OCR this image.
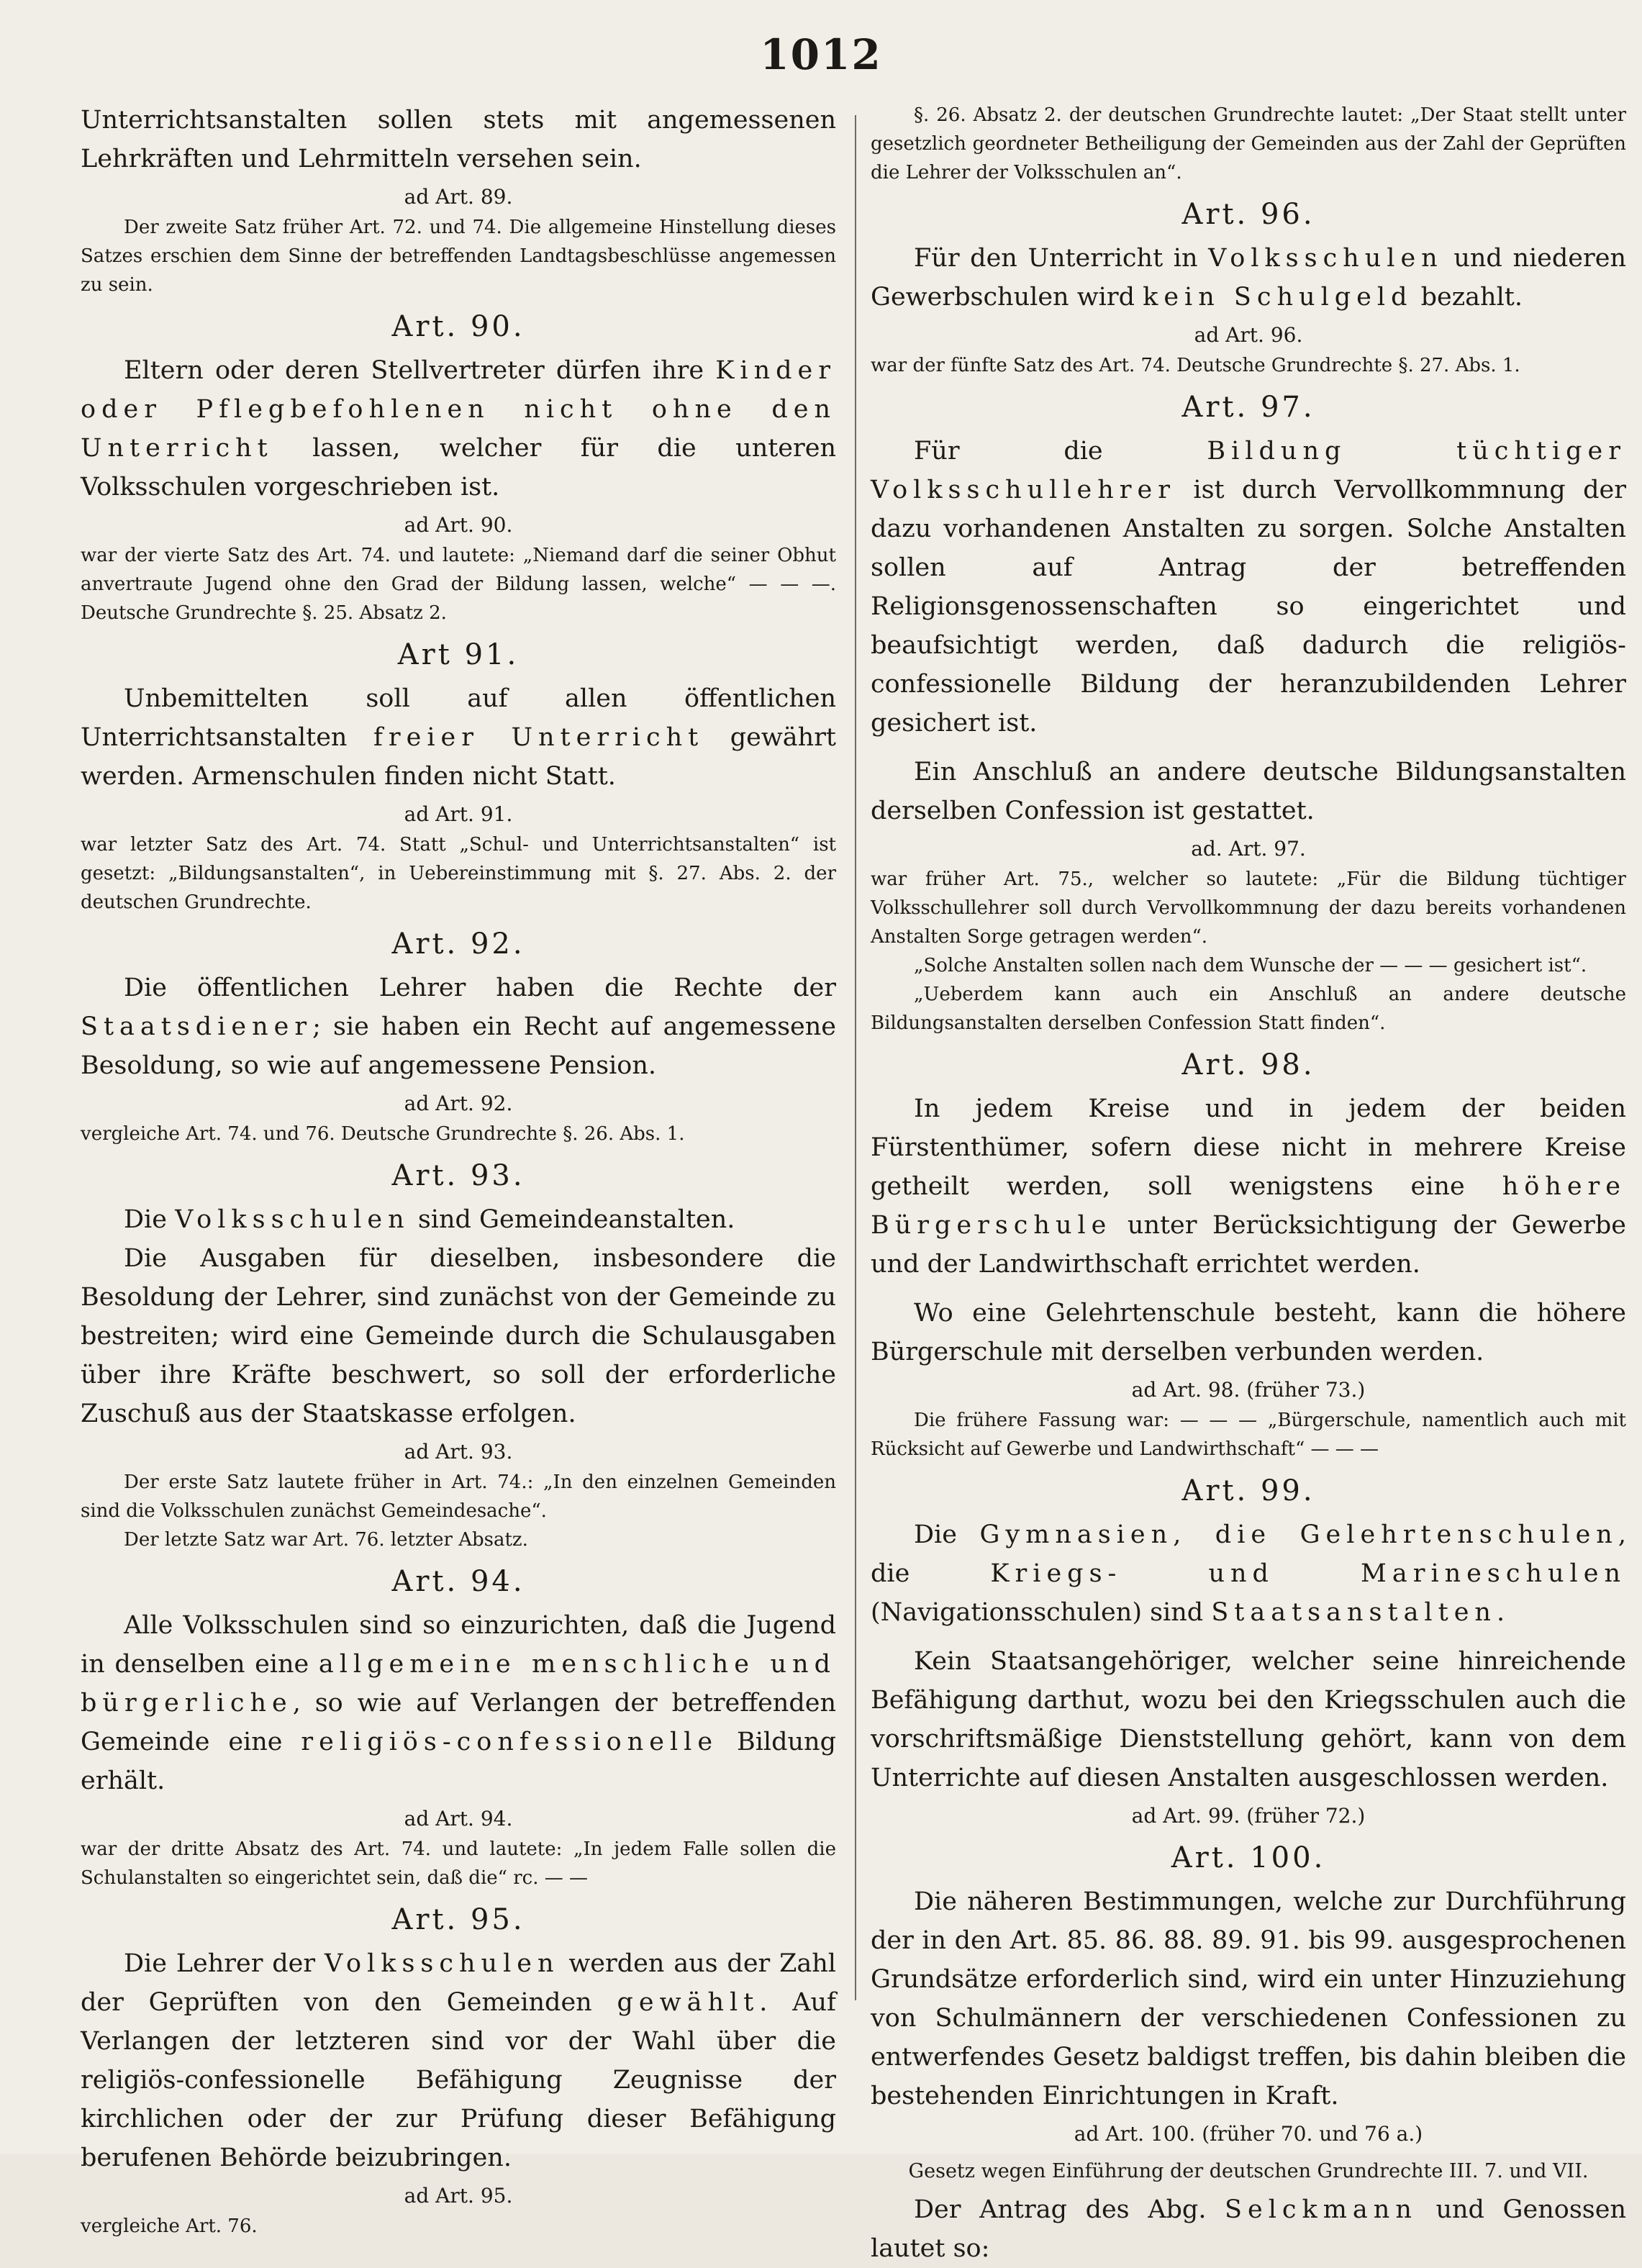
1012

Unterrichtsanstalten sollen stets mit angemessenen Lehrkräften und Lehrmitteln versehen sein.

ad Art. 89.

Der zweite Satz früher Art. 72. und 74. Die allgemeine Hinstellung dieses Satzes erschien dem Sinne der betreffenden Landtagsbeschlüsse angemessen zu sein.

Art. 90.

Eltern oder deren Stellvertreter dürfen ihre Kinder oder Pflegbefohlenen nicht ohne den Unterricht lassen, welcher für die unteren Volksschulen vorgeschrieben ist.

ad Art. 90.

war der vierte Satz des Art. 74. und lautete: „Niemand darf die seiner Obhut anvertraute Jugend ohne den Grad der Bildung lassen, welche“ — — —. Deutsche Grundrechte §. 25. Absatz 2.

Art 91.

Unbemittelten soll auf allen öffentlichen Unterrichtsanstalten freier Unterricht gewährt werden. Armenschulen finden nicht Statt.

ad Art. 91.

war letzter Satz des Art. 74. Statt „Schul- und Unterrichtsanstalten“ ist gesetzt: „Bildungsanstalten“, in Uebereinstimmung mit §. 27. Abs. 2. der deutschen Grundrechte.

Art. 92.

Die öffentlichen Lehrer haben die Rechte der Staatsdiener; sie haben ein Recht auf angemessene Besoldung, so wie auf angemessene Pension.

ad Art. 92.

vergleiche Art. 74. und 76. Deutsche Grundrechte §. 26. Abs. 1.

Art. 93.

Die Volksschulen sind Gemeindeanstalten.

Die Ausgaben für dieselben, insbesondere die Besoldung der Lehrer, sind zunächst von der Gemeinde zu bestreiten; wird eine Gemeinde durch die Schulausgaben über ihre Kräfte beschwert, so soll der erforderliche Zuschuß aus der Staatskasse erfolgen.

ad Art. 93.

Der erste Satz lautete früher in Art. 74.: „In den einzelnen Gemeinden sind die Volksschulen zunächst Gemeindesache“.

Der letzte Satz war Art. 76. letzter Absatz.

Art. 94.

Alle Volksschulen sind so einzurichten, daß die Jugend in denselben eine allgemeine menschliche und bürgerliche, so wie auf Verlangen der betreffenden Gemeinde eine religiös-confessionelle Bildung erhält.

ad Art. 94.

war der dritte Absatz des Art. 74. und lautete: „In jedem Falle sollen die Schulanstalten so eingerichtet sein, daß die“ rc. — —

Art. 95.

Die Lehrer der Volksschulen werden aus der Zahl der Geprüften von den Gemeinden gewählt. Auf Verlangen der letzteren sind vor der Wahl über die religiös-confessionelle Befähigung Zeugnisse der kirchlichen oder der zur Prüfung dieser Befähigung berufenen Behörde beizubringen.

ad Art. 95.

vergleiche Art. 76.

§. 26. Absatz 2. der deutschen Grundrechte lautet: „Der Staat stellt unter gesetzlich geordneter Betheiligung der Gemeinden aus der Zahl der Geprüften die Lehrer der Volksschulen an“.

Art. 96.

Für den Unterricht in Volksschulen und niederen Gewerbschulen wird kein Schulgeld bezahlt.

ad Art. 96.

war der fünfte Satz des Art. 74. Deutsche Grundrechte §. 27. Abs. 1.

Art. 97.

Für die Bildung tüchtiger Volksschullehrer ist durch Vervollkommnung der dazu vorhandenen Anstalten zu sorgen. Solche Anstalten sollen auf Antrag der betreffenden Religionsgenossenschaften so eingerichtet und beaufsichtigt werden, daß dadurch die religiös-confessionelle Bildung der heranzubildenden Lehrer gesichert ist.

Ein Anschluß an andere deutsche Bildungsanstalten derselben Confession ist gestattet.

ad. Art. 97.

war früher Art. 75., welcher so lautete: „Für die Bildung tüchtiger Volksschullehrer soll durch Vervollkommnung der dazu bereits vorhandenen Anstalten Sorge getragen werden“.

„Solche Anstalten sollen nach dem Wunsche der — — — gesichert ist“.

„Ueberdem kann auch ein Anschluß an andere deutsche Bildungsanstalten derselben Confession Statt finden“.

Art. 98.

In jedem Kreise und in jedem der beiden Fürstenthümer, sofern diese nicht in mehrere Kreise getheilt werden, soll wenigstens eine höhere Bürgerschule unter Berücksichtigung der Gewerbe und der Landwirthschaft errichtet werden.

Wo eine Gelehrtenschule besteht, kann die höhere Bürgerschule mit derselben verbunden werden.

ad Art. 98. (früher 73.)

Die frühere Fassung war: — — — „Bürgerschule, namentlich auch mit Rücksicht auf Gewerbe und Landwirthschaft“ — — —

Art. 99.

Die Gymnasien, die Gelehrtenschulen, die Kriegs- und Marineschulen (Navigationsschulen) sind Staatsanstalten.

Kein Staatsangehöriger, welcher seine hinreichende Befähigung darthut, wozu bei den Kriegsschulen auch die vorschriftsmäßige Dienststellung gehört, kann von dem Unterrichte auf diesen Anstalten ausgeschlossen werden.

ad Art. 99. (früher 72.)
Art. 100.

Die näheren Bestimmungen, welche zur Durchführung der in den Art. 85. 86. 88. 89. 91. bis 99. ausgesprochenen Grundsätze erforderlich sind, wird ein unter Hinzuziehung von Schulmännern der verschiedenen Confessionen zu entwerfendes Gesetz baldigst treffen, bis dahin bleiben die bestehenden Einrichtungen in Kraft.

ad Art. 100. (früher 70. und 76 a.)
Gesetz wegen Einführung der deutschen Grundrechte III. 7. und VII.

Der Antrag des Abg. Selckmann und Genossen lautet so:
